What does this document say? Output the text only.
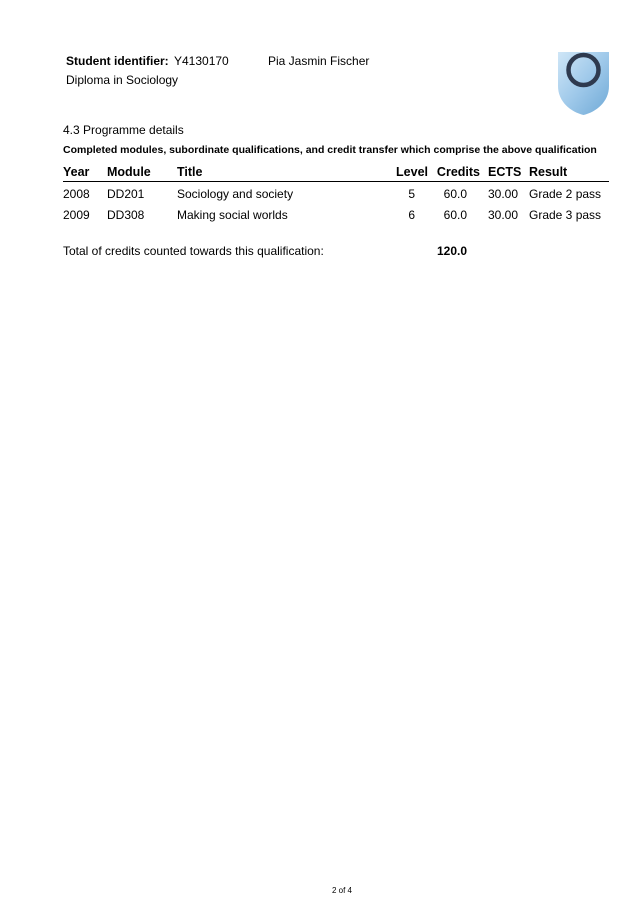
Student identifier: Y4130170	Pia Jasmin Fischer
Diploma in Sociology
4.3 Programme details
Completed modules, subordinate qualifications, and credit transfer which comprise the above qualification
Year Module Title	Level Credits ECTS Result
2008 DD201	Sociology and society	5	60.0	30.00 Grade 2 pass
2009 DD308	Making social worlds	6	60.0	30.00 Grade 3 pass
Total of credits counted towards this qualification:	120.0
2 of 4
